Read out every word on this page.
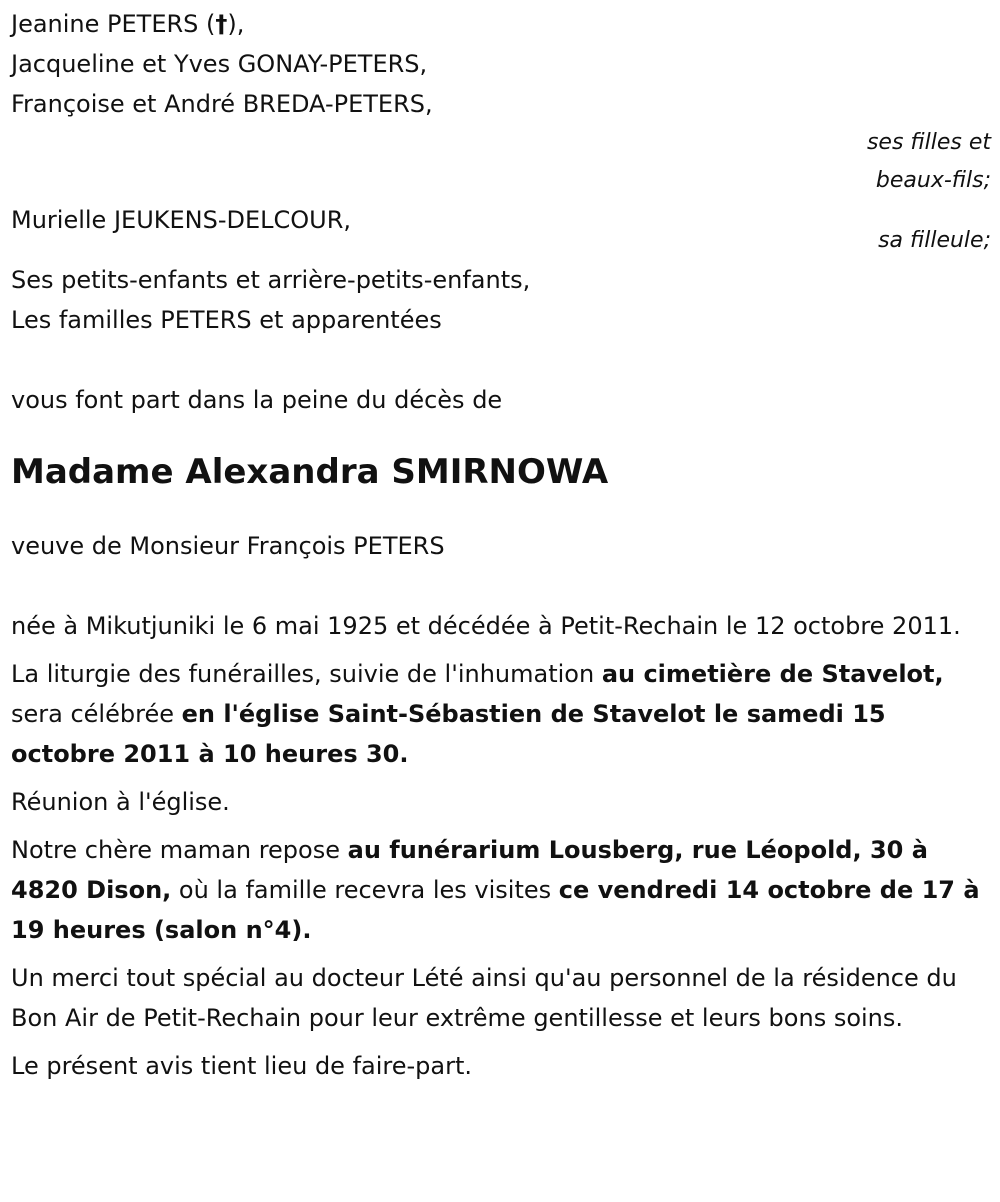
Jeanine PETERS (†),
Jacqueline et Yves GONAY-PETERS,
Françoise et André BREDA-PETERS,
ses filles et
beaux-fils;
Murielle JEUKENS-DELCOUR,
sa filleule;
Ses petits-enfants et arrière-petits-enfants,
Les familles PETERS et apparentées
vous font part dans la peine du décès de
Madame Alexandra SMIRNOWA
veuve de Monsieur François PETERS
née à Mikutjuniki le 6 mai 1925 et décédée à Petit-Rechain le 12 octobre 2011.
La liturgie des funérailles, suivie de l'inhumation au cimetière de Stavelot, sera célébrée en l'église Saint-Sébastien de Stavelot le samedi 15 octobre 2011 à 10 heures 30.
Réunion à l'église.
Notre chère maman repose au funérarium Lousberg, rue Léopold, 30 à 4820 Dison, où la famille recevra les visites ce vendredi 14 octobre de 17 à 19 heures (salon n°4).
Un merci tout spécial au docteur Lété ainsi qu'au personnel de la résidence du Bon Air de Petit-Rechain pour leur extrême gentillesse et leurs bons soins.
Le présent avis tient lieu de faire-part.
